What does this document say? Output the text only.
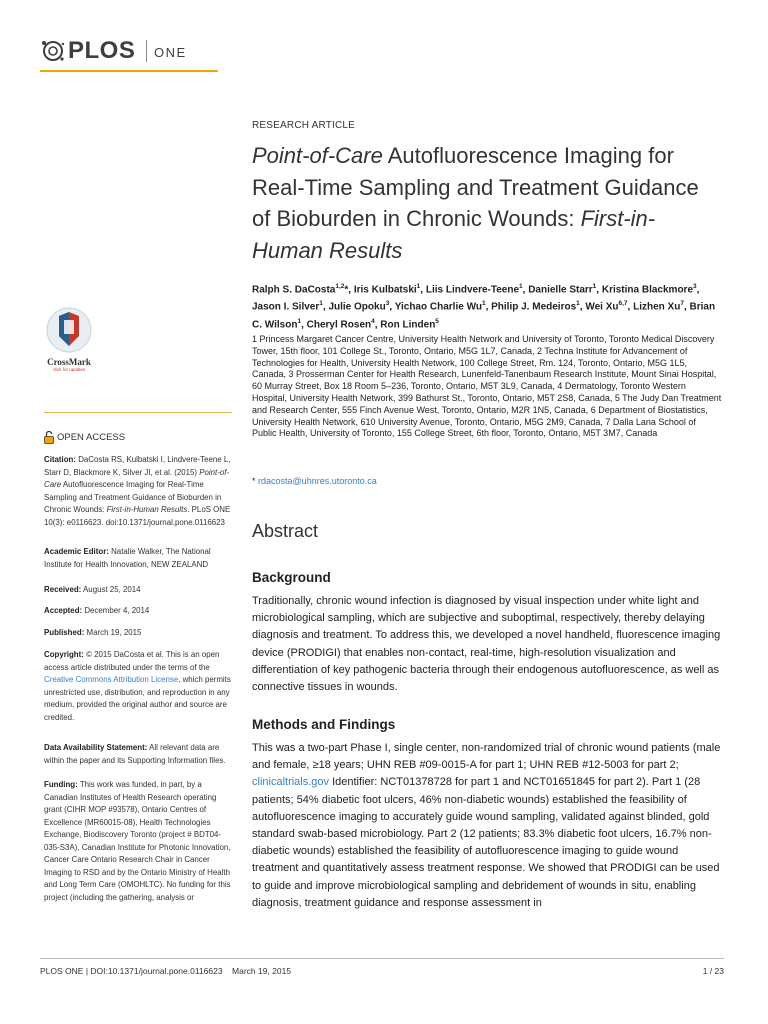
PLOS ONE
CrossMark
click for updates
OPEN ACCESS
Citation: DaCosta RS, Kulbatski I, Lindvere-Teene L, Starr D, Blackmore K, Silver JI, et al. (2015) Point-of-Care Autofluorescence Imaging for Real-Time Sampling and Treatment Guidance of Bioburden in Chronic Wounds: First-in-Human Results. PLoS ONE 10(3): e0116623. doi:10.1371/journal.pone.0116623
Academic Editor: Natalie Walker, The National Institute for Health Innovation, NEW ZEALAND
Received: August 25, 2014
Accepted: December 4, 2014
Published: March 19, 2015
Copyright: © 2015 DaCosta et al. This is an open access article distributed under the terms of the Creative Commons Attribution License, which permits unrestricted use, distribution, and reproduction in any medium, provided the original author and source are credited.
Data Availability Statement: All relevant data are within the paper and its Supporting Information files.
Funding: This work was funded, in part, by a Canadian Institutes of Health Research operating grant (CIHR MOP #93578), Ontario Centres of Excellence (MR60015-08), Health Technologies Exchange, Biodiscovery Toronto (project # BDT04-035-S3A), Canadian Institute for Photonic Innovation, Cancer Care Ontario Research Chair in Cancer Imaging to RSD and by the Ontario Ministry of Health and Long Term Care (OMOHLTC). No funding for this project (including the gathering, analysis or
RESEARCH ARTICLE
Point-of-Care Autofluorescence Imaging for Real-Time Sampling and Treatment Guidance of Bioburden in Chronic Wounds: First-in-Human Results
Ralph S. DaCosta$^{1,2}$*, Iris Kulbatski$^1$, Liis Lindvere-Teene$^1$, Danielle Starr$^1$, Kristina Blackmore$^3$, Jason I. Silver$^1$, Julie Opoku$^3$, Yichao Charlie Wu$^1$, Philip J. Medeiros$^1$, Wei Xu$^{6,7}$, Lizhen Xu$^7$, Brian C. Wilson$^1$, Cheryl Rosen$^4$, Ron Linden$^5$
1 Princess Margaret Cancer Centre, University Health Network and University of Toronto, Toronto Medical Discovery Tower, 15th floor, 101 College St., Toronto, Ontario, M5G 1L7, Canada, 2 Techna Institute for Advancement of Technologies for Health, University Health Network, 100 College Street, Rm. 124, Toronto, Ontario, M5G 1L5, Canada, 3 Prosserman Center for Health Research, Lunenfeld-Tanenbaum Research Institute, Mount Sinai Hospital, 60 Murray Street, Box 18 Room 5–236, Toronto, Ontario, M5T 3L9, Canada, 4 Dermatology, Toronto Western Hospital, University Health Network, 399 Bathurst St., Toronto, Ontario, M5T 2S8, Canada, 5 The Judy Dan Treatment and Research Center, 555 Finch Avenue West, Toronto, Ontario, M2R 1N5, Canada, 6 Department of Biostatistics, University Health Network, 610 University Avenue, Toronto, Ontario, M5G 2M9, Canada, 7 Dalla Lana School of Public Health, University of Toronto, 155 College Street, 6th floor, Toronto, Ontario, M5T 3M7, Canada
* rdacosta@uhnres.utoronto.ca
Abstract
Background
Traditionally, chronic wound infection is diagnosed by visual inspection under white light and microbiological sampling, which are subjective and suboptimal, respectively, thereby delaying diagnosis and treatment. To address this, we developed a novel handheld, fluorescence imaging device (PRODIGI) that enables non-contact, real-time, high-resolution visualization and differentiation of key pathogenic bacteria through their endogenous autofluorescence, as well as connective tissues in wounds.
Methods and Findings
This was a two-part Phase I, single center, non-randomized trial of chronic wound patients (male and female, ≥18 years; UHN REB #09-0015-A for part 1; UHN REB #12-5003 for part 2; clinicaltrials.gov Identifier: NCT01378728 for part 1 and NCT01651845 for part 2). Part 1 (28 patients; 54% diabetic foot ulcers, 46% non-diabetic wounds) established the feasibility of autofluorescence imaging to accurately guide wound sampling, validated against blinded, gold standard swab-based microbiology. Part 2 (12 patients; 83.3% diabetic foot ulcers, 16.7% non-diabetic wounds) established the feasibility of autofluorescence imaging to guide wound treatment and quantitatively assess treatment response. We showed that PRODIGI can be used to guide and improve microbiological sampling and debridement of wounds in situ, enabling diagnosis, treatment guidance and response assessment in
PLOS ONE | DOI:10.1371/journal.pone.0116623    March 19, 2015	1 / 23
